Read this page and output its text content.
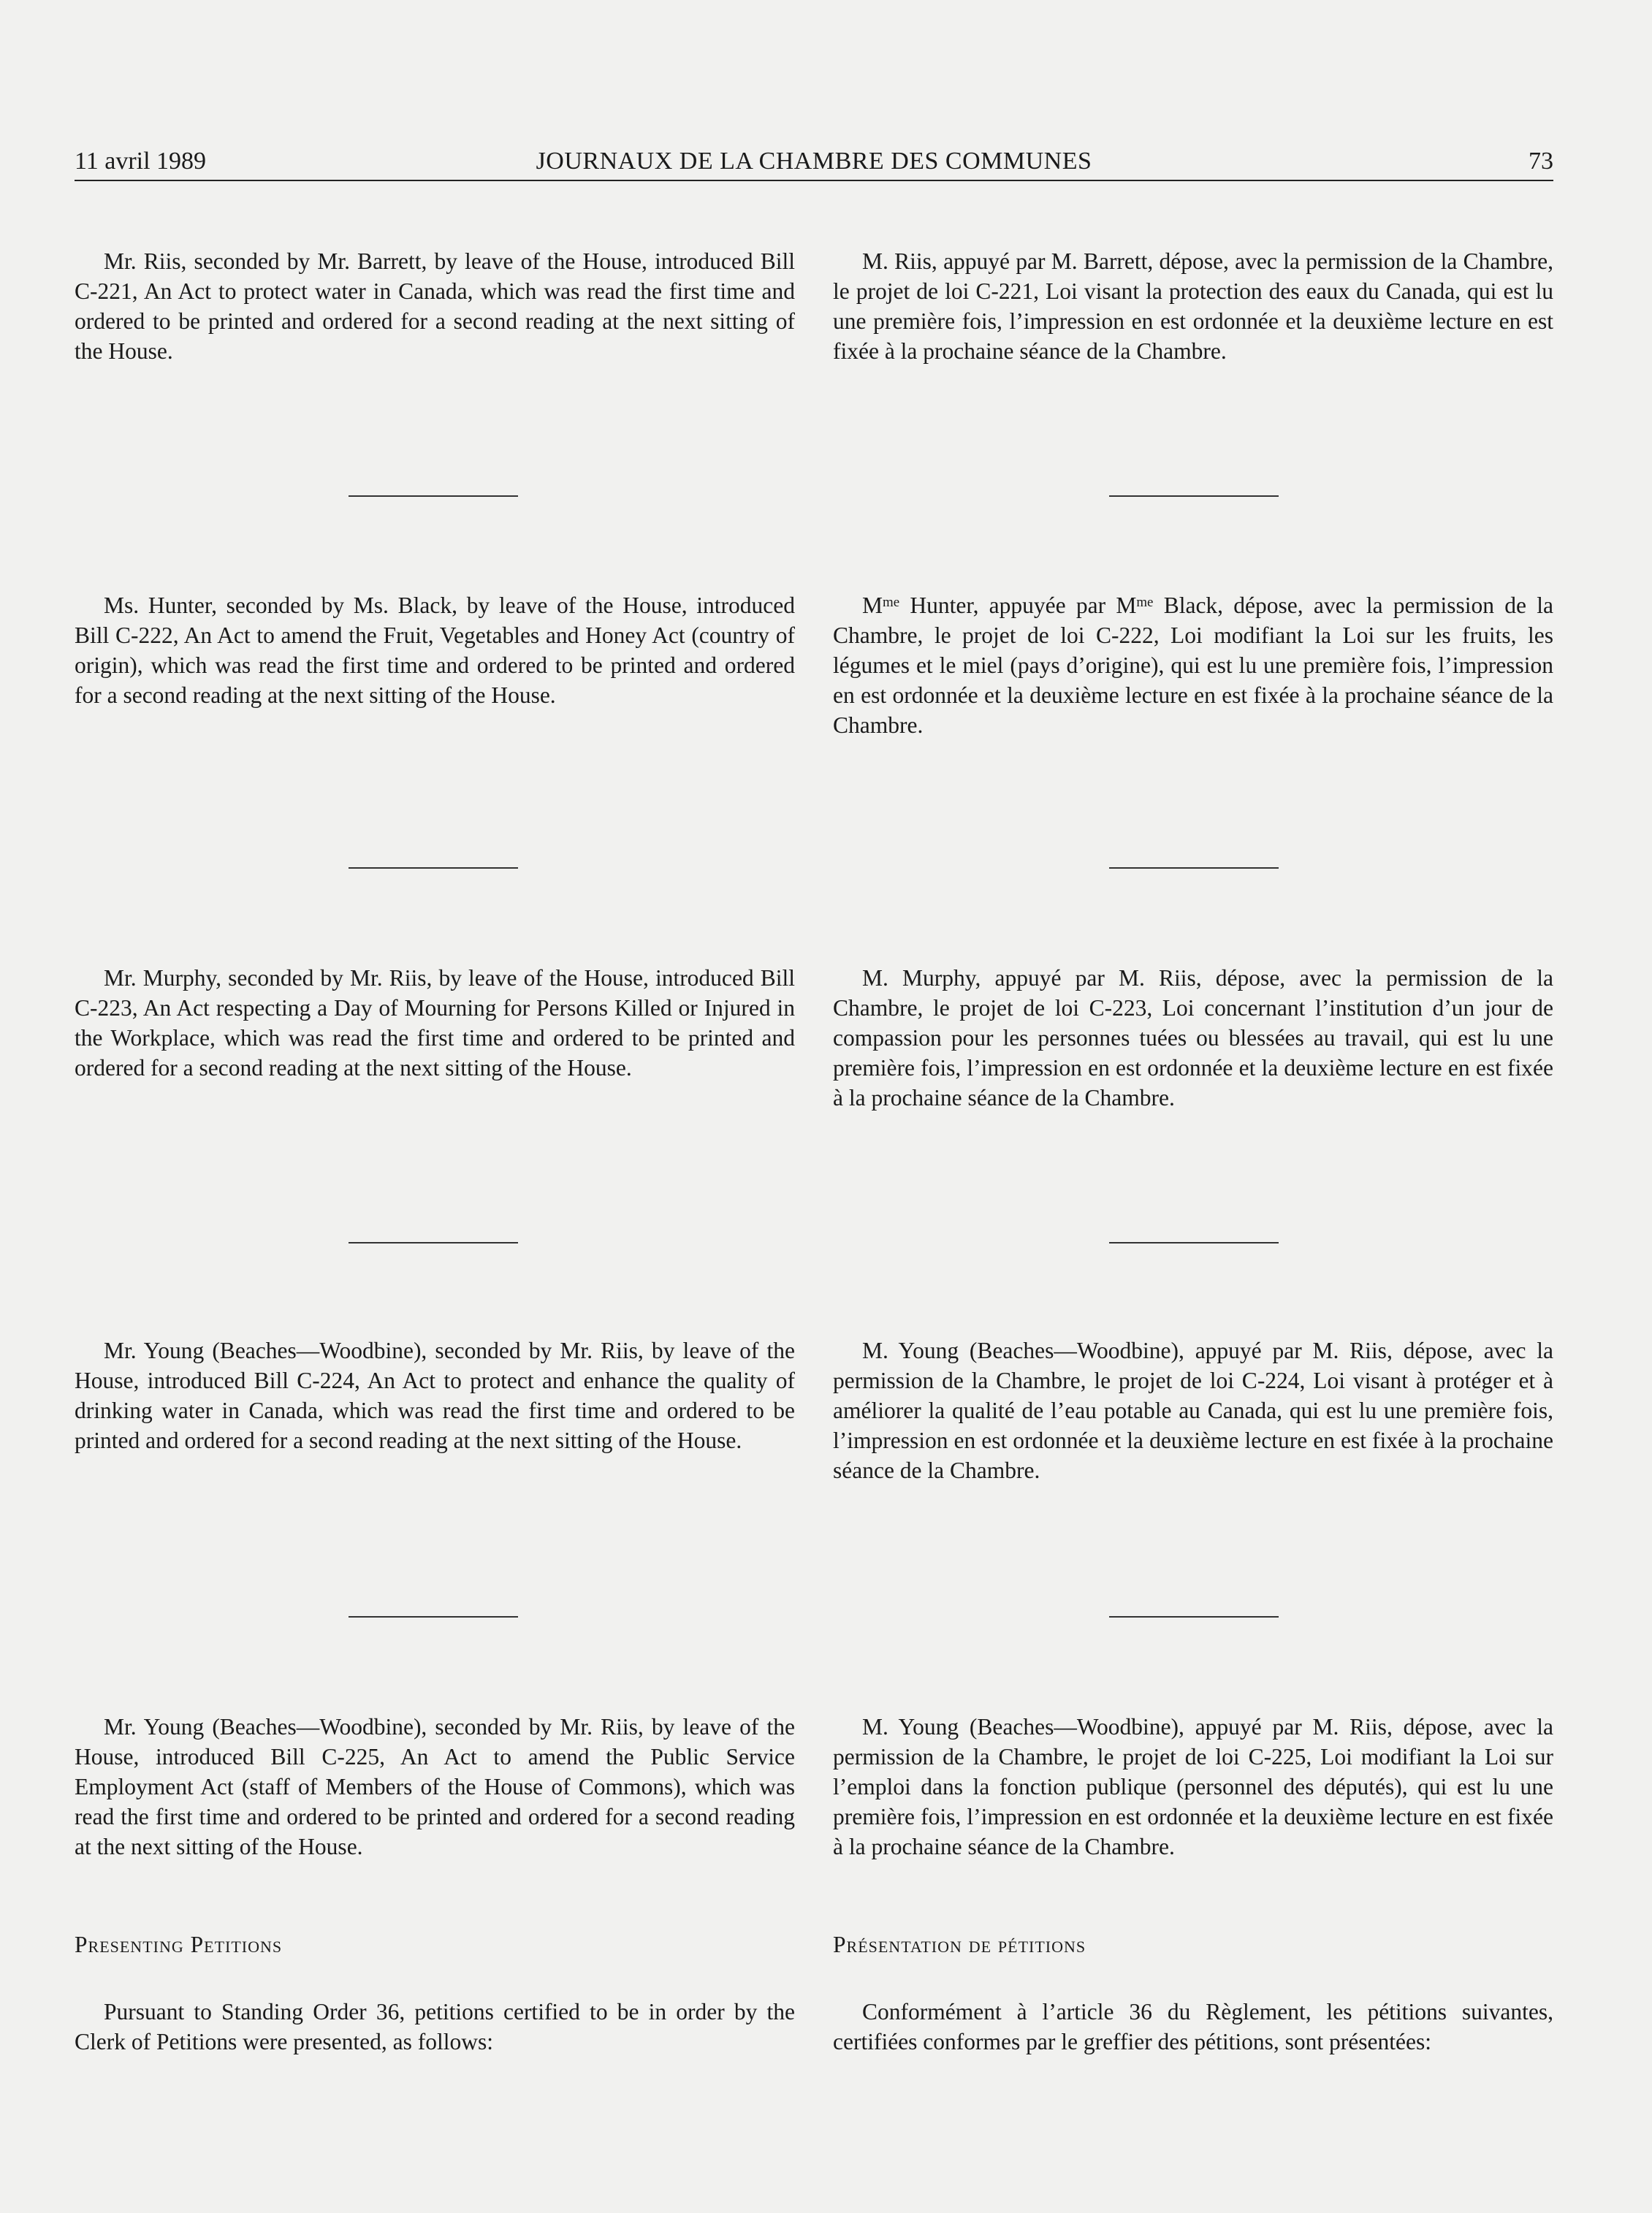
11 avril 1989	JOURNAUX DE LA CHAMBRE DES COMMUNES	73

Mr. Riis, seconded by Mr. Barrett, by leave of the House, introduced Bill C-221, An Act to protect water in Canada, which was read the first time and ordered to be printed and ordered for a second reading at the next sitting of the House.

Ms. Hunter, seconded by Ms. Black, by leave of the House, introduced Bill C-222, An Act to amend the Fruit, Vegetables and Honey Act (country of origin), which was read the first time and ordered to be printed and ordered for a second reading at the next sitting of the House.

Mr. Murphy, seconded by Mr. Riis, by leave of the House, introduced Bill C-223, An Act respecting a Day of Mourning for Persons Killed or Injured in the Workplace, which was read the first time and ordered to be printed and ordered for a second reading at the next sitting of the House.

Mr. Young (Beaches—Woodbine), seconded by Mr. Riis, by leave of the House, introduced Bill C-224, An Act to protect and enhance the quality of drinking water in Canada, which was read the first time and ordered to be printed and ordered for a second reading at the next sitting of the House.

Mr. Young (Beaches—Woodbine), seconded by Mr. Riis, by leave of the House, introduced Bill C-225, An Act to amend the Public Service Employment Act (staff of Members of the House of Commons), which was read the first time and ordered to be printed and ordered for a second reading at the next sitting of the House.

Presenting Petitions

Pursuant to Standing Order 36, petitions certified to be in order by the Clerk of Petitions were presented, as follows:

M. Riis, appuyé par M. Barrett, dépose, avec la permission de la Chambre, le projet de loi C-221, Loi visant la protection des eaux du Canada, qui est lu une première fois, l’impression en est ordonnée et la deuxième lecture en est fixée à la prochaine séance de la Chambre.

$M^{me}$ Hunter, appuyée par $M^{me}$ Black, dépose, avec la permission de la Chambre, le projet de loi C-222, Loi modifiant la Loi sur les fruits, les légumes et le miel (pays d’origine), qui est lu une première fois, l’impression en est ordonnée et la deuxième lecture en est fixée à la prochaine séance de la Chambre.

M. Murphy, appuyé par M. Riis, dépose, avec la permission de la Chambre, le projet de loi C-223, Loi concernant l’institution d’un jour de compassion pour les personnes tuées ou blessées au travail, qui est lu une première fois, l’impression en est ordonnée et la deuxième lecture en est fixée à la prochaine séance de la Chambre.

M. Young (Beaches—Woodbine), appuyé par M. Riis, dépose, avec la permission de la Chambre, le projet de loi C-224, Loi visant à protéger et à améliorer la qualité de l’eau potable au Canada, qui est lu une première fois, l’impression en est ordonnée et la deuxième lecture en est fixée à la prochaine séance de la Chambre.

M. Young (Beaches—Woodbine), appuyé par M. Riis, dépose, avec la permission de la Chambre, le projet de loi C-225, Loi modifiant la Loi sur l’emploi dans la fonction publique (personnel des députés), qui est lu une première fois, l’impression en est ordonnée et la deuxième lecture en est fixée à la prochaine séance de la Chambre.

Présentation de pétitions

Conformément à l’article 36 du Règlement, les pétitions suivantes, certifiées conformes par le greffier des pétitions, sont présentées:
